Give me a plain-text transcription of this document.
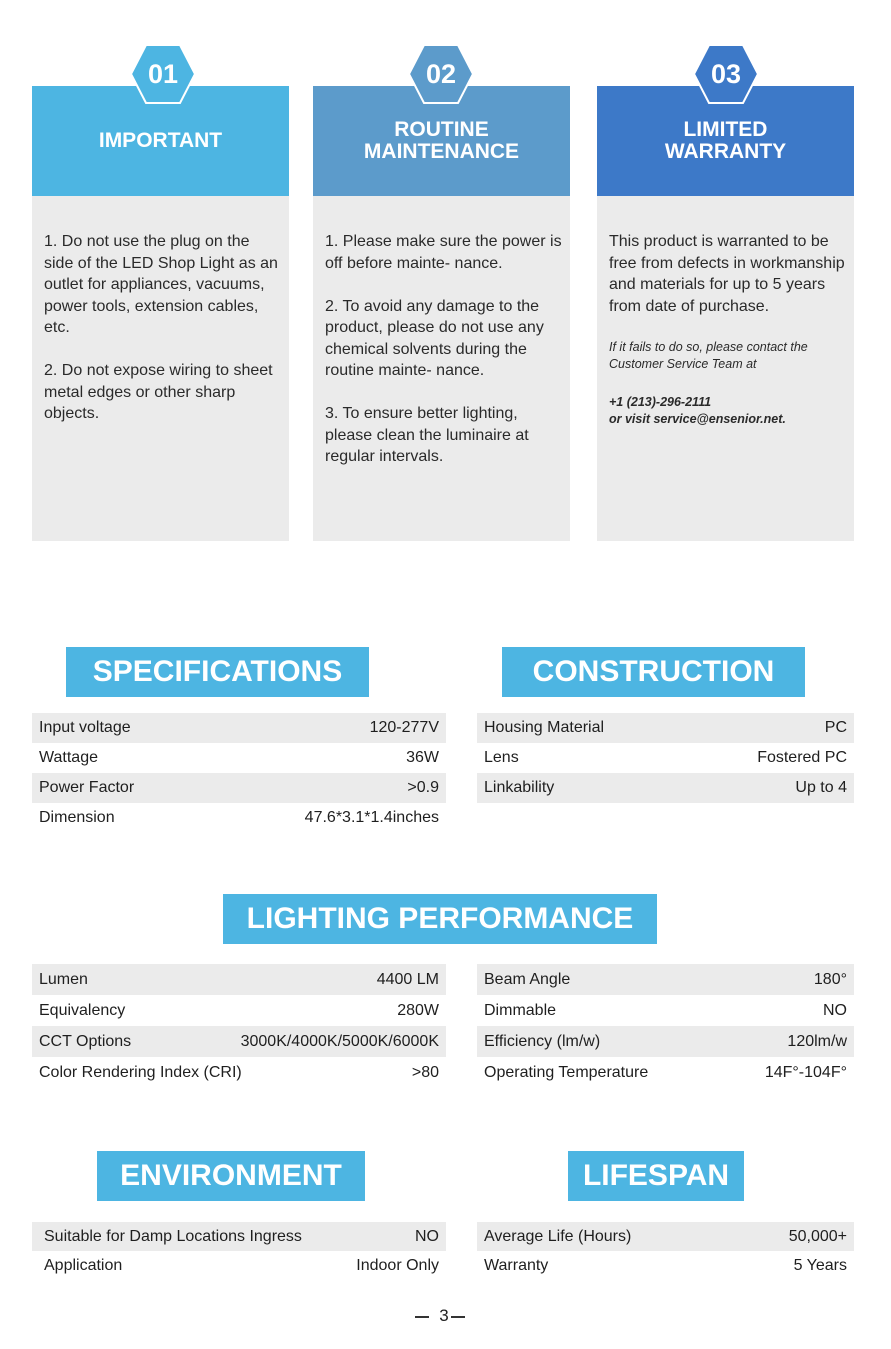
IMPORTANT

1. Do not use the plug on the side of the LED Shop Light as an outlet for appliances, vacuums, power tools, extension cables, etc.

2. Do not expose wiring to sheet metal edges or other sharp objects.

ROUTINE
MAINTENANCE

1. Please make sure the power is off before mainte- nance.

2. To avoid any damage to the product, please do not use any chemical solvents during the routine mainte- nance.

3. To ensure better lighting, please clean the luminaire at regular intervals.

LIMITED
WARRANTY

This product is warranted to be free from defects in workmanship and materials for up to 5 years from date of purchase.

If it fails to do so, please contact the Customer Service Team at

+1 (213)-296-2111
or visit service@ensenior.net.

01	02	03
SPECIFICATIONS
Input voltage	120-277V
Wattage	36W
Power Factor	>0.9
Dimension	47.6*3.1*1.4inches
CONSTRUCTION
Housing Material	PC
Lens	Fostered PC
Linkability	Up to 4
LIGHTING PERFORMANCE
Lumen	4400 LM
Equivalency	280W
CCT Options	3000K/4000K/5000K/6000K
Color Rendering Index (CRI)	>80
Beam Angle	180°
Dimmable	NO
Efficiency (lm/w)	120lm/w
Operating Temperature	14F°-104F°
ENVIRONMENT
Suitable for Damp Locations Ingress	NO
Application	Indoor Only
LIFESPAN
Average Life (Hours)	50,000+
Warranty	5 Years
3
